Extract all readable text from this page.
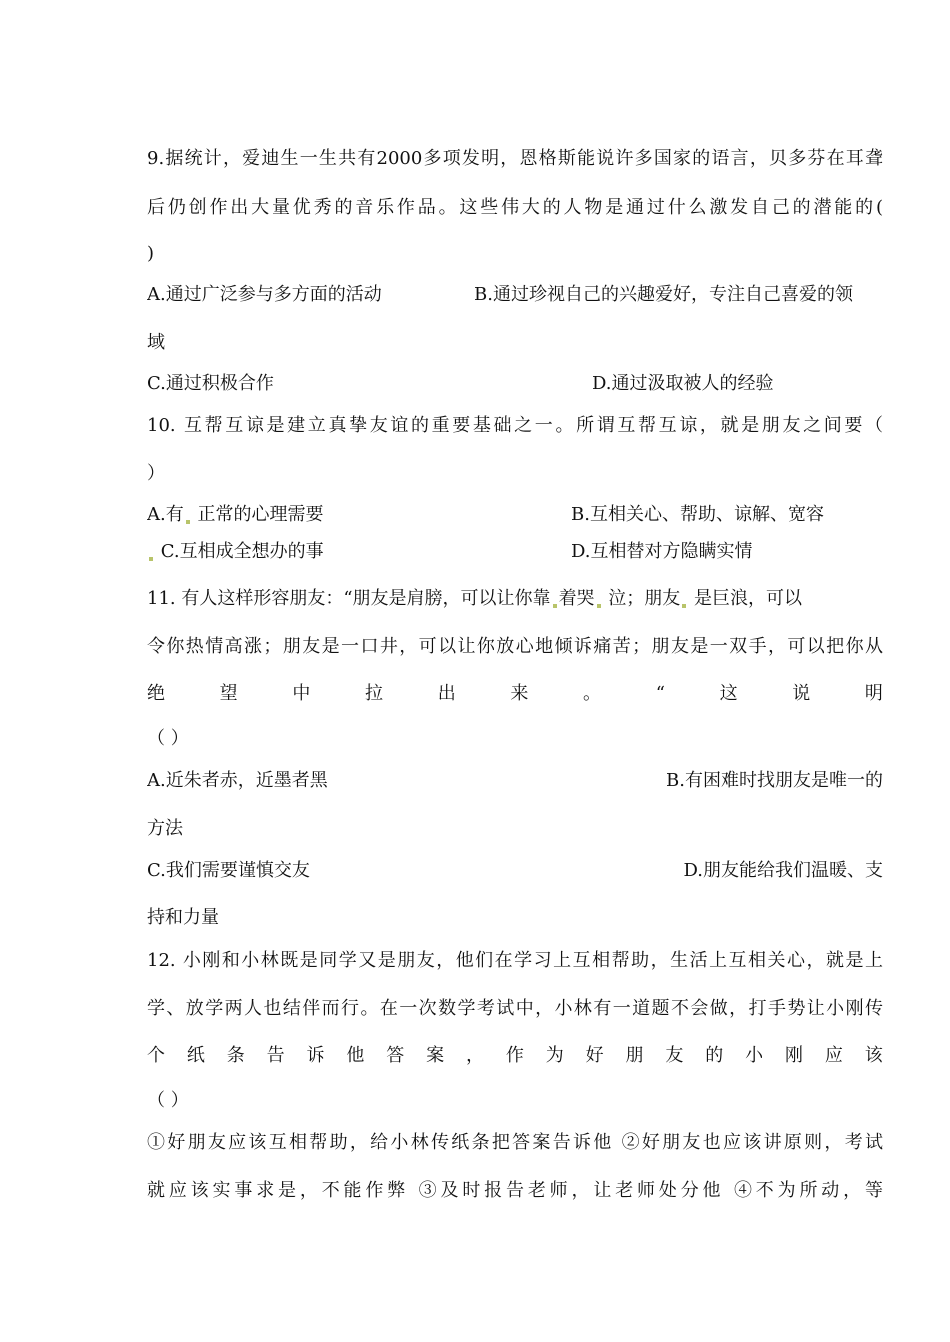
9.据统计，爱迪生一生共有2000多项发明，恩格斯能说许多国家的语言，贝多芬在耳聋
后仍创作出大量优秀的音乐作品。这些伟大的人物是通过什么激发自己的潜能的(
)
A.通过广泛参与多方面的活动	B.通过珍视自己的兴趣爱好，专注自己喜爱的领
域
C.通过积极合作	D.通过汲取被人的经验
10. 互帮互谅是建立真挚友谊的重要基础之一。所谓互帮互谅，就是朋友之间要（
）
A.有 正常的心理需要	B.互相关心、帮助、谅解、宽容
C.互相成全想办的事	D.互相替对方隐瞒实情
11. 有人这样形容朋友：“朋友是肩膀，可以让你靠 着哭 泣；朋友 是巨浪，可以
令你热情高涨；朋友是一口井，可以让你放心地倾诉痛苦；朋友是一双手，可以把你从
绝	望	中	拉	出	来	。	“	这	说	明
（ ）
A.近朱者赤，近墨者黑	B.有困难时找朋友是唯一的
方法
C.我们需要谨慎交友	D.朋友能给我们温暖、支
持和力量
12. 小刚和小林既是同学又是朋友，他们在学习上互相帮助，生活上互相关心，就是上
学、放学两人也结伴而行。在一次数学考试中，小林有一道题不会做，打手势让小刚传
个 纸 条 告 诉 他 答 案 ， 作 为 好 朋 友 的 小 刚 应 该
（ ）
①好朋友应该互相帮助，给小林传纸条把答案告诉他 ②好朋友也应该讲原则，考试
就应该实事求是，不能作弊 ③及时报告老师，让老师处分他 ④不为所动，等
